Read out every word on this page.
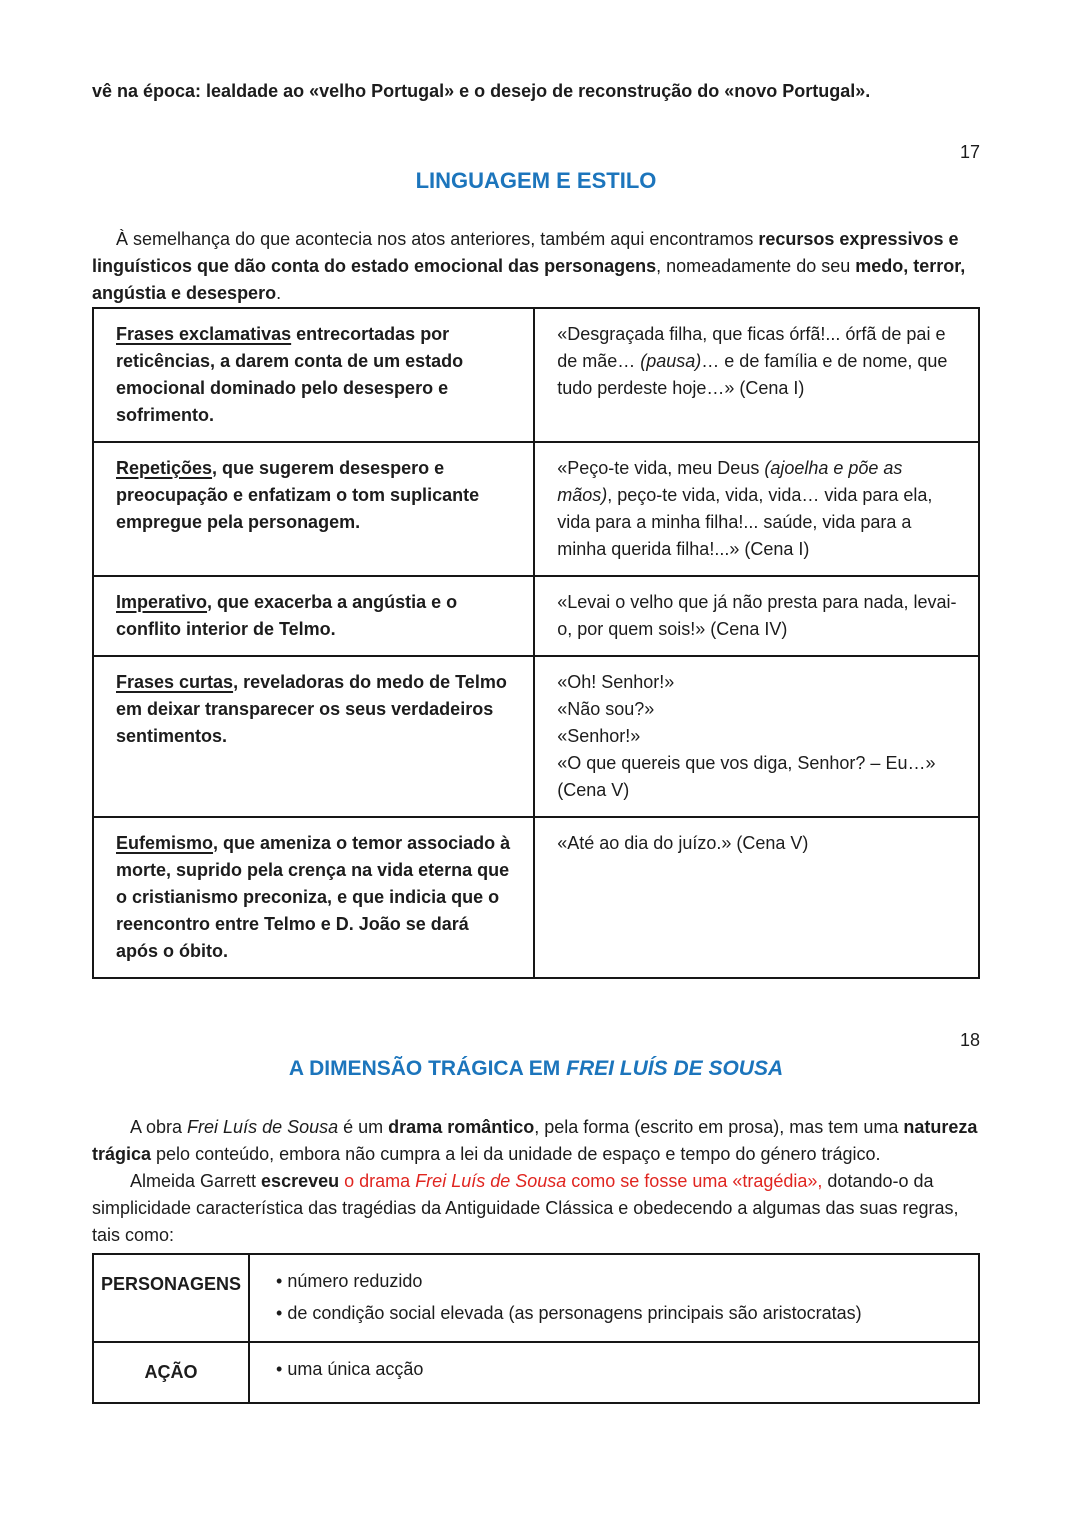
vê na época: lealdade ao «velho Portugal» e o desejo de reconstrução do «novo Portugal».

17
LINGUAGEM E ESTILO

À semelhança do que acontecia nos atos anteriores, também aqui encontramos recursos expressivos e linguísticos que dão conta do estado emocional das personagens, nomeadamente do seu medo, terror, angústia e desespero.

Frases exclamativas entrecortadas por reticências, a darem conta de um estado emocional dominado pelo desespero e sofrimento.	«Desgraçada filha, que ficas órfã!... órfã de pai e de mãe… (pausa)… e de família e de nome, que tudo perdeste hoje…» (Cena I)
Repetições, que sugerem desespero e preocupação e enfatizam o tom suplicante empregue pela personagem.	«Peço-te vida, meu Deus (ajoelha e põe as mãos), peço-te vida, vida, vida… vida para ela, vida para a minha filha!... saúde, vida para a minha querida filha!...» (Cena I)
Imperativo, que exacerba a angústia e o conflito interior de Telmo.	«Levai o velho que já não presta para nada, levai-o, por quem sois!» (Cena IV)
Frases curtas, reveladoras do medo de Telmo em deixar transparecer os seus verdadeiros sentimentos.	«Oh! Senhor!»
«Não sou?»
«Senhor!»
«O que quereis que vos diga, Senhor? – Eu…» (Cena V)

Eufemismo, que ameniza o temor associado à morte, suprido pela crença na vida eterna que o cristianismo preconiza, e que indicia que o reencontro entre Telmo e D. João se dará após o óbito.	«Até ao dia do juízo.» (Cena V)
18
A DIMENSÃO TRÁGICA EM FREI LUÍS DE SOUSA

A obra Frei Luís de Sousa é um drama romântico, pela forma (escrito em prosa), mas tem uma natureza trágica pelo conteúdo, embora não cumpra a lei da unidade de espaço e tempo do género trágico.

Almeida Garrett escreveu o drama Frei Luís de Sousa como se fosse uma «tragédia», dotando-o da simplicidade característica das tragédias da Antiguidade Clássica e obedecendo a algumas das suas regras, tais como:

PERSONAGENS	• número reduzido
• de condição social elevada (as personagens principais são aristocratas)

AÇÃO	• uma única acção
